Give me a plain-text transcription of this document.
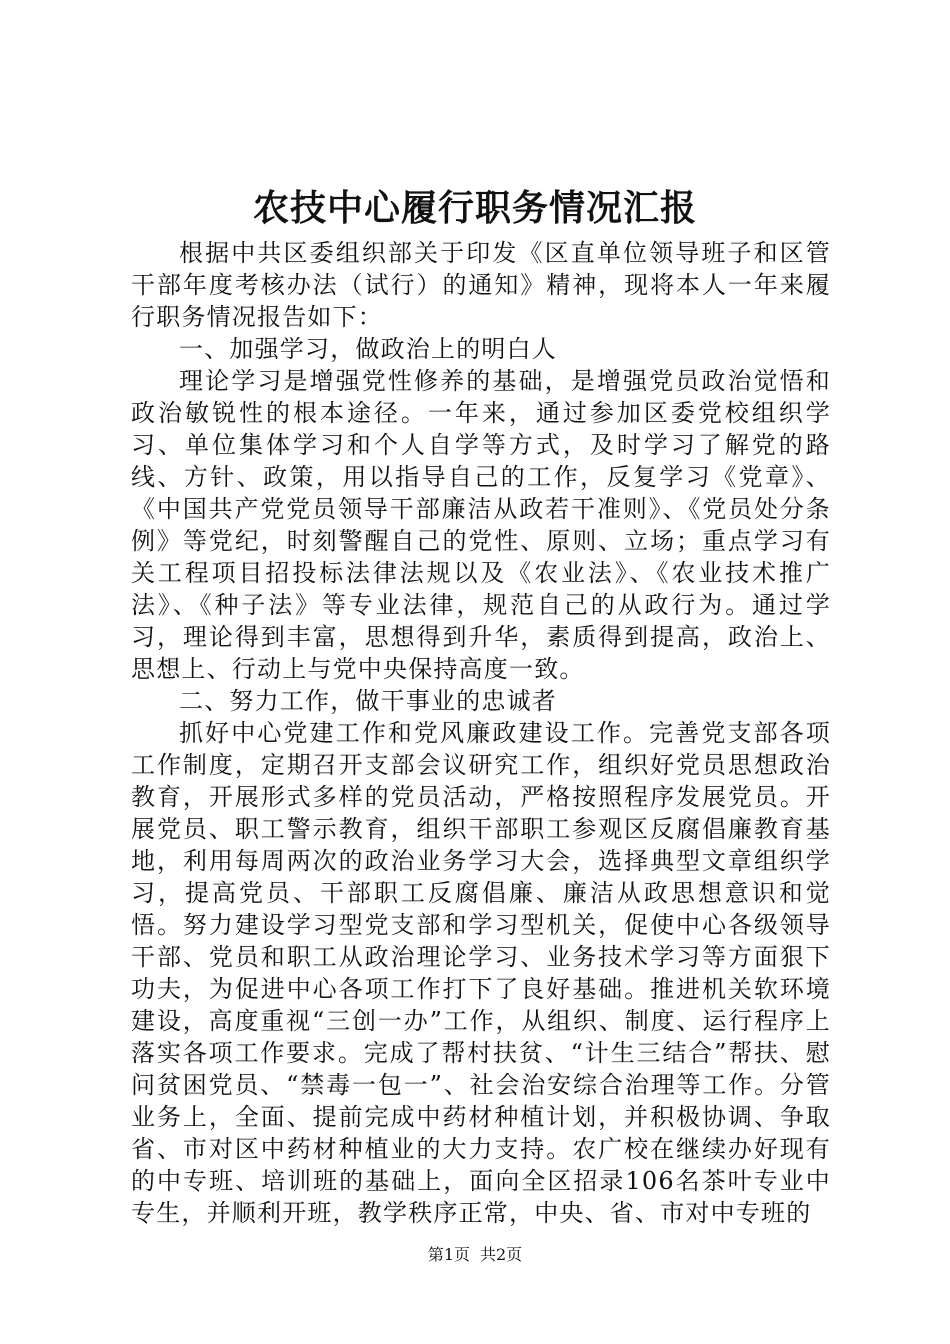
农技中心履行职务情况汇报

根据中共区委组织部关于印发《区直单位领导班子和区管干部年度考核办法（试行）的通知》精神，现将本人一年来履行职务情况报告如下：

一、加强学习，做政治上的明白人

理论学习是增强党性修养的基础，是增强党员政治觉悟和政治敏锐性的根本途径。一年来，通过参加区委党校组织学习、单位集体学习和个人自学等方式，及时学习了解党的路线、方针、政策，用以指导自己的工作，反复学习《党章》、《中国共产党党员领导干部廉洁从政若干准则》、《党员处分条例》等党纪，时刻警醒自己的党性、原则、立场；重点学习有关工程项目招投标法律法规以及《农业法》、《农业技术推广法》、《种子法》等专业法律，规范自己的从政行为。通过学习，理论得到丰富，思想得到升华，素质得到提高，政治上、思想上、行动上与党中央保持高度一致。

二、努力工作，做干事业的忠诚者

抓好中心党建工作和党风廉政建设工作。完善党支部各项工作制度，定期召开支部会议研究工作，组织好党员思想政治教育，开展形式多样的党员活动，严格按照程序发展党员。开展党员、职工警示教育，组织干部职工参观区反腐倡廉教育基地，利用每周两次的政治业务学习大会，选择典型文章组织学习，提高党员、干部职工反腐倡廉、廉洁从政思想意识和觉悟。努力建设学习型党支部和学习型机关，促使中心各级领导干部、党员和职工从政治理论学习、业务技术学习等方面狠下功夫，为促进中心各项工作打下了良好基础。推进机关软环境建设，高度重视“三创一办”工作，从组织、制度、运行程序上落实各项工作要求。完成了帮村扶贫、“计生三结合”帮扶、慰问贫困党员、“禁毒一包一”、社会治安综合治理等工作。分管业务上，全面、提前完成中药材种植计划，并积极协调、争取省、市对区中药材种植业的大力支持。农广校在继续办好现有的中专班、培训班的基础上，面向全区招录106名茶叶专业中专生，并顺利开班，教学秩序正常，中央、省、市对中专班的

第1页 共2页
